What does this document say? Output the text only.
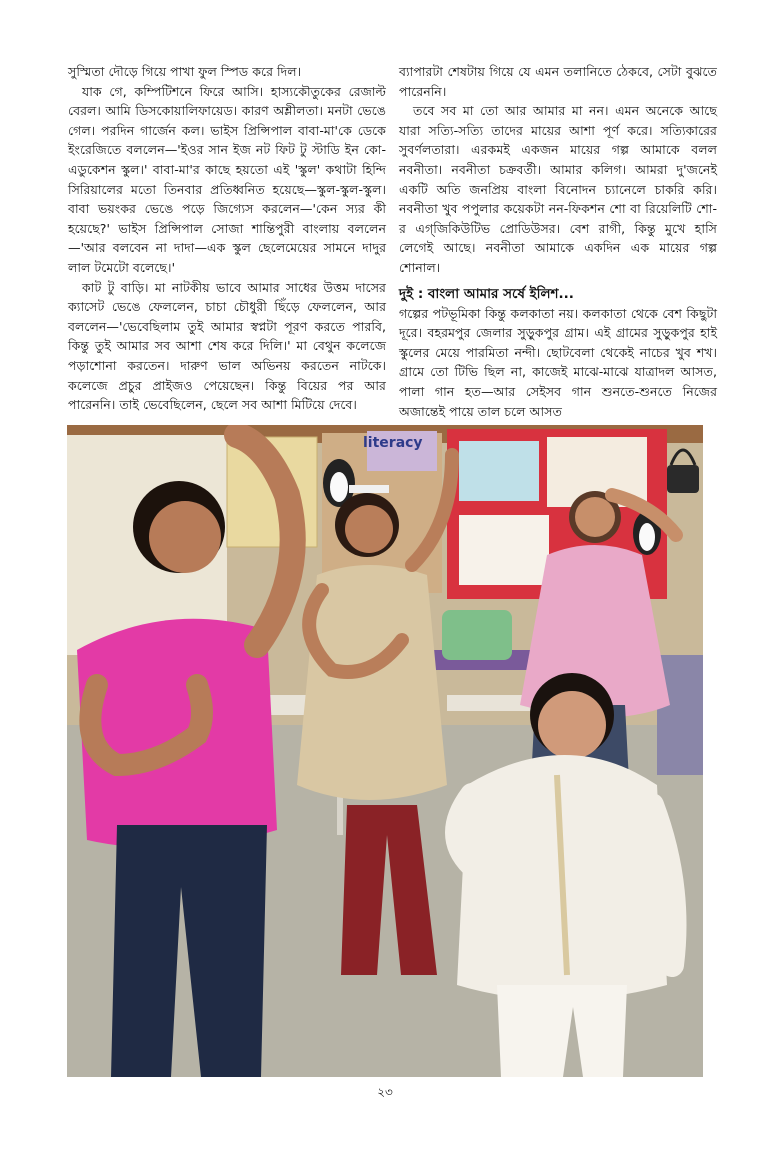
সুস্মিতা দৌড়ে গিয়ে পাখা ফুল স্পিড করে দিল।

যাক গে, কম্পিটিশনে ফিরে আসি। হাস্যকৌতুকের রেজাল্ট বেরল। আমি ডিসকোয়ালিফায়েড। কারণ অশ্লীলতা। মনটা ভেঙে গেল। পরদিন গার্জেন কল। ভাইস প্রিন্সিপাল বাবা-মা'কে ডেকে ইংরেজিতে বললেন—'ইওর সান ইজ নট ফিট টু স্টাডি ইন কো-এডুকেশন স্কুল।' বাবা-মা'র কাছে হয়তো এই 'স্কুল' কথাটা হিন্দি সিরিয়ালের মতো তিনবার প্রতিধ্বনিত হয়েছে—স্কুল-স্কুল-স্কুল। বাবা ভয়ংকর ভেঙে পড়ে জিগ্যেস করলেন—'কেন স্যর কী হয়েছে?' ভাইস প্রিন্সিপাল সোজা শান্তিপুরী বাংলায় বললেন—'আর বলবেন না দাদা—এক স্কুল ছেলেমেয়ের সামনে দাদুর লাল টমেটো বলেছে।'

কাট টু বাড়ি। মা নাটকীয় ভাবে আমার সাধের উত্তম দাসের ক্যাসেট ভেঙে ফেললেন, চাচা চৌধুরী ছিঁড়ে ফেললেন, আর বললেন—'ভেবেছিলাম তুই আমার স্বপ্নটা পূরণ করতে পারবি, কিন্তু তুই আমার সব আশা শেষ করে দিলি।' মা বেথুন কলেজে পড়াশোনা করতেন। দারুণ ভাল অভিনয় করতেন নাটকে। কলেজে প্রচুর প্রাইজও পেয়েছেন। কিন্তু বিয়ের পর আর পারেননি। তাই ভেবেছিলেন, ছেলে সব আশা মিটিয়ে দেবে।

ব্যাপারটা শেষটায় গিয়ে যে এমন তলানিতে ঠেকবে, সেটা বুঝতে পারেননি।

তবে সব মা তো আর আমার মা নন। এমন অনেকে আছে যারা সত্যি-সত্যি তাদের মায়ের আশা পূর্ণ করে। সত্যিকারের সুবর্ণলতারা। এরকমই একজন মায়ের গল্প আমাকে বলল নবনীতা। নবনীতা চক্রবর্তী। আমার কলিগ। আমরা দু'জনেই একটি অতি জনপ্রিয় বাংলা বিনোদন চ্যানেলে চাকরি করি। নবনীতা খুব পপুলার কয়েকটা নন-ফিকশন শো বা রিয়েলিটি শো-র এগ্‌জিকিউটিভ প্রোডিউসর। বেশ রাগী, কিন্তু মুখে হাসি লেগেই আছে। নবনীতা আমাকে একদিন এক মায়ের গল্প শোনাল।

দুই : বাংলা আমার সর্ষে ইলিশ...

গল্পের পটভূমিকা কিন্তু কলকাতা নয়। কলকাতা থেকে বেশ কিছুটা দূরে। বহরমপুর জেলার সুড়ুকপুর গ্রাম। এই গ্রামের সুড়ুকপুর হাই স্কুলের মেয়ে পারমিতা নন্দী। ছোটবেলা থেকেই নাচের খুব শখ। গ্রামে তো টিভি ছিল না, কাজেই মাঝে-মাঝে যাত্রাদল আসত, পালা গান হত—আর সেইসব গান শুনতে-শুনতে নিজের অজান্তেই পায়ে তাল চলে আসত

literacy
২৩
